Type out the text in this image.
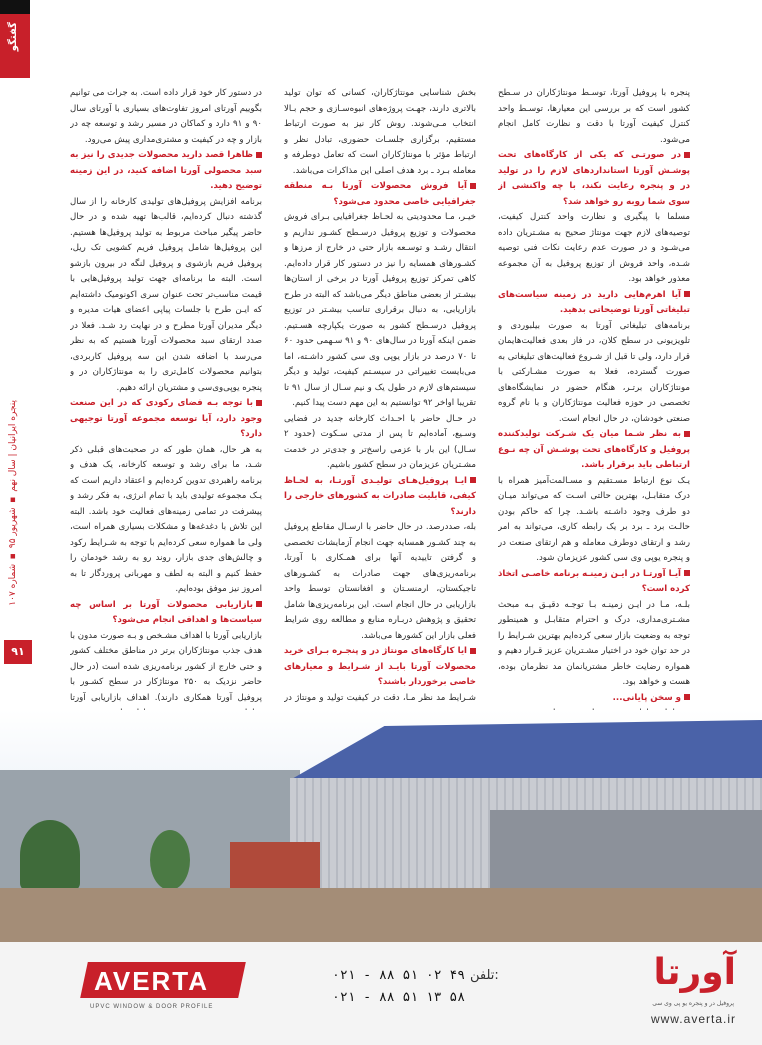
گفتگو
پنجره ایرانیان | سال نهم ▪ شهریور ۹۵ ▪ شماره ۱۰۷
۹۱

در دستور کار خود قرار داده است. به جرات می توانیم بگوییم آورتای امروز تفاوت‌های بسیاری با آورتای سال ۹۰ و ۹۱ دارد و کماکان در مسیر رشد و توسعه چه در بازار و چه در کیفیت و مشتری‌مداری پیش می‌رود.

ظاهرا قصد دارید محصولات جدیدی را نیز به سبد محصولی آورتا اضافه کنید، در این زمینه توضیح دهید.

برنامه افزایش پروفیل‌های تولیدی کارخانه را از سال گذشته دنبال کرده‌ایم، قالب‌ها تهیه شده و در حال حاضر پیگیر مباحث مربوط به تولید پروفیل‌ها هستیم. این پروفیل‌ها شامل پروفیل فریم کشویی تک ریل، پروفیل فریم بازشوی و پروفیل لنگه در بیرون بازشو است. البته ما برنامه‌ای جهت تولید پروفیل‌هایی با قیمت مناسب‌تر تحت عنوان سری اکونومیک داشته‌ایم که ایـن طرح با جلسات پیاپی اعضای هیات مدیره و دیگر مدیران آورتا مطرح و در نهایت رد شـد. فعلا در صدد ارتقای سبد محصولات آورتا هستیم که به نظر می‌رسد با اضافه شدن این سه پروفیل کاربردی، بتوانیم محصولات کامل‌تری را به مونتاژکاران در و پنجره یوپی‌وی‌سی و مشتریان ارائه دهیم.

با توجه بـه فضای رکودی که در این صنعت وجود دارد، آیا توسعه مجموعه آورتا توجیهی دارد؟

به هر حال، همان طور که در صحبت‌های قبلی ذکر شـد، ما برای رشد و توسعه کارخانه، یک هدف و برنامه راهبردی تدوین کرده‌ایم و اعتقاد داریم است که یـک مجموعه تولیدی باید با تمام انرژی، به فکر رشد و پیشرفت در تمامی زمینه‌های فعالیت خود باشد. البته این تلاش با دغدغه‌ها و مشکلات بسیاری همراه است، ولی ما همواره سعی کرده‌ایم با توجه به شـرایط رکود و چالش‌های جدی بازار، روند رو به رشد خودمان را حفظ کنیم و البته به لطف و مهربانی پروردگار تا به امروز نیز موفق بوده‌ایم.

بازاریابی محصولات آورتا بر اساس چه سیاست‌ها و اهدافی انجام می‌شود؟

بازاریابی آورتا با اهداف مشـخص و بـه صورت مدون با هدف جذب مونتاژکاران برتر در مناطق مختلف کشور و حتی خارج از کشور برنامه‌ریزی شده است (در حال حاضر نزدیک به ۲۵۰ مونتاژکار در سطح کشـور با پروفیل آورتا همکاری دارند). اهداف بازاریابی آورتا

بخش شناسایی مونتاژکاران، کسانی که توان تولید بالاتری دارند، جهـت پروژه‌های انبوه‌سـازی و حجم بـالا انتخاب مـی‌شوند. روش کار نیز به صورت ارتباط مستقیم، برگزاری جلسـات حضوری، تبادل نظر و ارتباط مؤثر با مونتاژکاران است که تعامل دوطرفه و معامله بـرد ـ برد هدف اصلی این مذاکرات می‌باشد.

آیا فروش محصولات آورتا بـه منطقه جغرافیایی خاصی محدود می‌شود؟

خیـر، مـا محدودیتی به لحـاظ جغرافیایی بـرای فروش محصولات و توزیع پروفیل درسـطح کشـور نداریم و انتقال رشـد و توسـعه بازار حتی در خارج از مرزها و کشـورهای همسایه را نیز در دستور کار قرار داده‌ایم. کاهی تمرکز توزیع پروفیل آورتا در برخی از استان‌ها بیشـتر از بعضی مناطق دیگر می‌باشد که البته در طرح بازاریابی، به دنبال برقراری تناسب بیشـتر در توزیع پروفیل درسـطح کشور به صورت یکپارچه هسـتیم. ضمن اینکه آورتا در سال‌های ۹۰ و ۹۱ سـهمی حدود ۶۰ تا ۷۰ درصد در بازار یوپی وی سی کشور داشـته، اما می‌بایست تغییراتی در سیسـتم کیفیت، تولید و دیگر سیستم‌های لازم در طول یک و نیم سـال از سال ۹۱ تا تقریبا اواخر ۹۲ توانستیم به این مهم دست پیدا کنیم.

در حـال حاضر با احـداث کارخانه جدید در فضایی وسـیع، آماده‌ایم تا پس از مدتی سـکوت (حدود ۲ سـال) این بار با عزمی راسخ‌تر و جدی‌تر در خدمت مشـتریان عزیزمان در سطح کشور باشیم.

ایـا پروفیل‌هـای تولیـدی آورتـا، به لحـاظ کیفی، قابلیت صادرات به کشورهای خارجی را دارند؟

بله، صددرصد. در حال حاضر با ارسـال مقاطع پروفیل به چند کشـور همسایه جهت انجام آزمایشات تخصصی و گرفتن تاییدیه آنها برای همـکاری با آورتا، برنامه‌ریزی‌های جهت صادرات به کشـورهای تاجیکستان، ارمنسـتان و افغانستان توسط واحد بازاریابی در حال انجام است. این برنامه‌ریزی‌ها شامل تحقیق و پژوهش دربـاره منابع و مطالعه روی شرایط فعلی بازار این کشورها می‌باشد.

ایا کارگاه‌های مونتاژ در و پنجـره بـرای خرید محصولات آورتا بایـد از شـرایط و معیارهای خاصی برخوردار باشند؟

شـرایط مد نظر مـا، دقت در کیفیت تولید و مونتاژ در

پنجره با پروفیل آورتا، توسـط مونتاژکاران در سـطح کشور است که بر بررسی این معیارها، توسـط واحد کنترل کیفیت آورتا با دقت و نظارت کامل انجام می‌شود.

در صورتـی که یکی از کارگاه‌های تحت پوشـش آورتا استانداردهای لازم را در تولید در و پنجره رعایت نکند، با چه واکنشی از سوی شما روبه رو خواهد شد؟

مسلما با پیگیری و نظارت واحد کنترل کیفیت، توصیه‌های لازم جهت مونتاژ صحیح به مشـتریان داده می‌شـود و در صورت عدم رعایت نکات فنی توصیه شـده، واحد فروش از توزیع پروفیل به آن مجموعه معذور خواهد بود.

آیا اهرم‌هایی دارید در زمینه سیاست‌های تبلیغاتی آورتا توضیحاتی بدهید.

برنامه‌های تبلیغاتی آورتا به صورت بیلبوردی و تلویزیونی در سطح کلان، در فاز بعدی فعالیت‌هایمان قرار دارد، ولی تا قبل از شـروع فعالیت‌های تبلیغاتی به صورت گسترده، فعلا به صورت مشـارکتی با مونتاژکاران برتـر، هنگام حضور در نمایشگاه‌های تخصصی در حوزه فعالیت مونتاژکاران و با نام گروه صنعتی خودشان، در حال انجام است.

به نظر شـما میان یک شـرکت تولیدکننده پروفیل و کارگاه‌های تحت پوشـش آن چه نـوع ارتباطی باید برقرار باشد.

یـک نوع ارتباط مسـتقیم و مسـالمت‌آمیز همراه با درک متقابـل، بهترین حالتی اسـت که می‌تواند میـان دو طرف وجود داشـته باشـد. چرا که حاکم بودن حالـت برد ـ برد بر یک رابطه کاری، می‌تواند به امر رشد و ارتقای دوطرف معامله و هم ارتقای صنعت در و پنجره یوپی وی سی کشور عزیزمان شود.

آیـا آورتـا در ایـن زمینـه برنامه خاصـی اتخاذ کرده است؟

بلـه، مـا در ایـن زمینـه بـا توجـه دقیـق بـه مبحث مشـتری‌مداری، درک و احترام متقابـل و همینطور توجه به وضعیت بازار سعی کرده‌ایم بهترین شـرایط را در حد توان خود در اختیار مشـتریان عزیز قـرار دهیم و همواره رضایت خاطر مشتریانمان مد نظرمان بوده، هست و خواهد بود.

و سخن پایانی...

AVERTA
UPVC WINDOW & DOOR PROFILE
تلفن:
۰۲۱ - ۸۸ ۵۱ ۰۲ ۴۹
۰۲۱ - ۸۸ ۵۱ ۱۳ ۵۸
آورتا
پروفیل در و پنجره یو پی وی سی
www.averta.ir
